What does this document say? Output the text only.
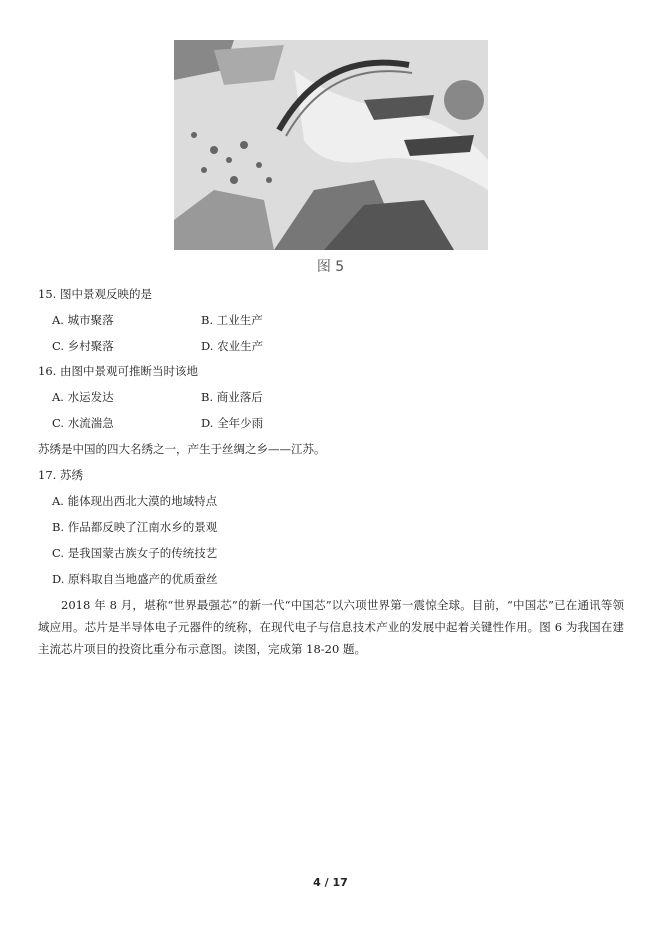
图 5
15. 图中景观反映的是
A. 城市聚落	B. 工业生产
C. 乡村聚落	D. 农业生产
16. 由图中景观可推断当时该地
A. 水运发达	B. 商业落后
C. 水流湍急	D. 全年少雨
苏绣是中国的四大名绣之一，产生于丝绸之乡——江苏。
17. 苏绣
A. 能体现出西北大漠的地域特点
B. 作品都反映了江南水乡的景观
C. 是我国蒙古族女子的传统技艺
D. 原料取自当地盛产的优质蚕丝
2018 年 8 月，堪称“世界最强芯”的新一代“中国芯”以六项世界第一震惊全球。目前，“中国芯”已在通讯等领域应用。芯片是半导体电子元器件的统称，在现代电子与信息技术产业的发展中起着关键性作用。图 6 为我国在建主流芯片项目的投资比重分布示意图。读图，完成第 18-20 题。
4 / 17
